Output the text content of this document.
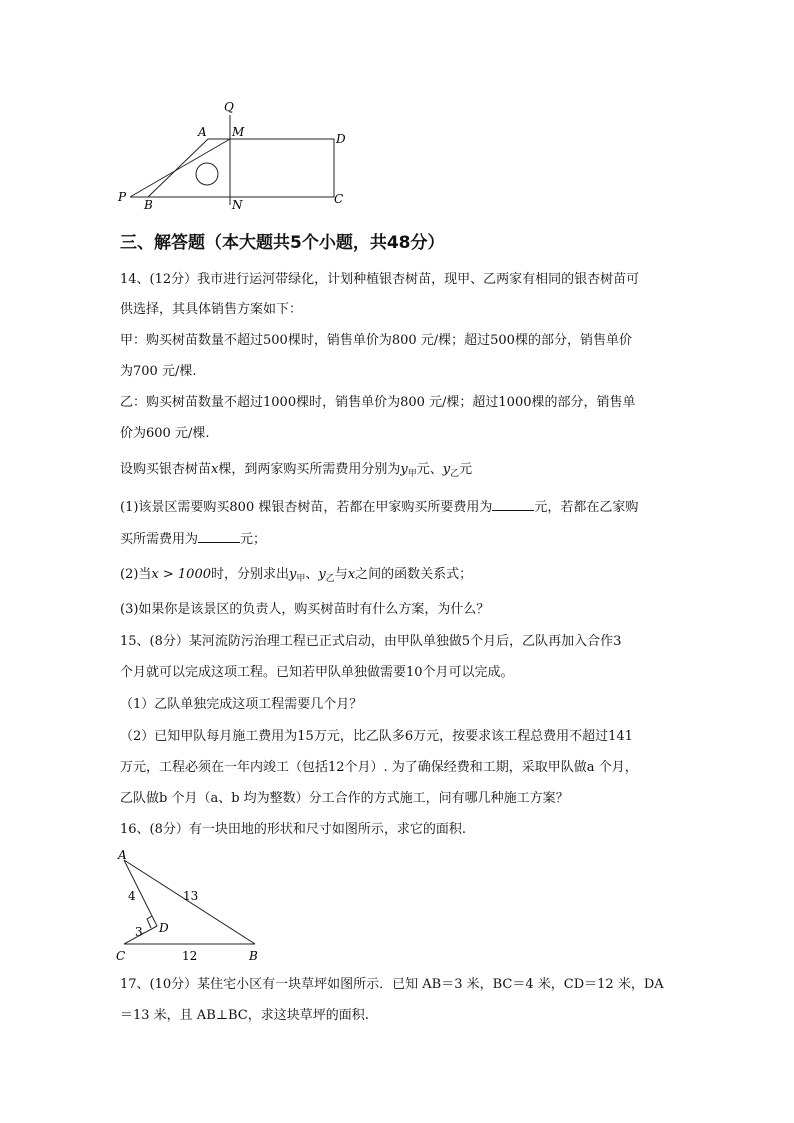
Q
A M	D
P
B	N	C
三、解答题（本大题共5个小题，共48分）
14、(12分）我市进行运河带绿化，计划种植银杏树苗，现甲、乙两家有相同的银杏树苗可
供选择，其具体销售方案如下：
甲：购买树苗数量不超过500棵时，销售单价为800 元/棵；超过500棵的部分，销售单价
为700 元/棵.
乙：购买树苗数量不超过1000棵时，销售单价为800 元/棵；超过1000棵的部分，销售单
价为600 元/棵.
设购买银杏树苗x棵，到两家购买所需费用分别为$y_甲$元、$y_乙$元
(1)该景区需要购买800 棵银杏树苗，若都在甲家购买所要费用为	元，若都在乙家购
买所需费用为	元；
(2)当x > 1000时，分别求出$y_甲$、$y_乙$与x之间的函数关系式；
(3)如果你是该景区的负责人，购买树苗时有什么方案，为什么？
15、(8分）某河流防污治理工程已正式启动，由甲队单独做5个月后，乙队再加入合作3
个月就可以完成这项工程。已知若甲队单独做需要10个月可以完成。
（1）乙队单独完成这项工程需要几个月？
（2）已知甲队每月施工费用为15万元，比乙队多6万元，按要求该工程总费用不超过141
万元，工程必须在一年内竣工（包括12个月）. 为了确保经费和工期，采取甲队做a 个月，
乙队做b 个月（a、b 均为整数）分工合作的方式施工，问有哪几种施工方案？
16、(8分）有一块田地的形状和尺寸如图所示，求它的面积.
A
C	B
D
4	13
3
12
17、(10分）某住宅小区有一块草坪如图所示．已知 AB＝3 米，BC＝4 米，CD＝12 米，DA
＝13 米，且 AB⊥BC，求这块草坪的面积.
